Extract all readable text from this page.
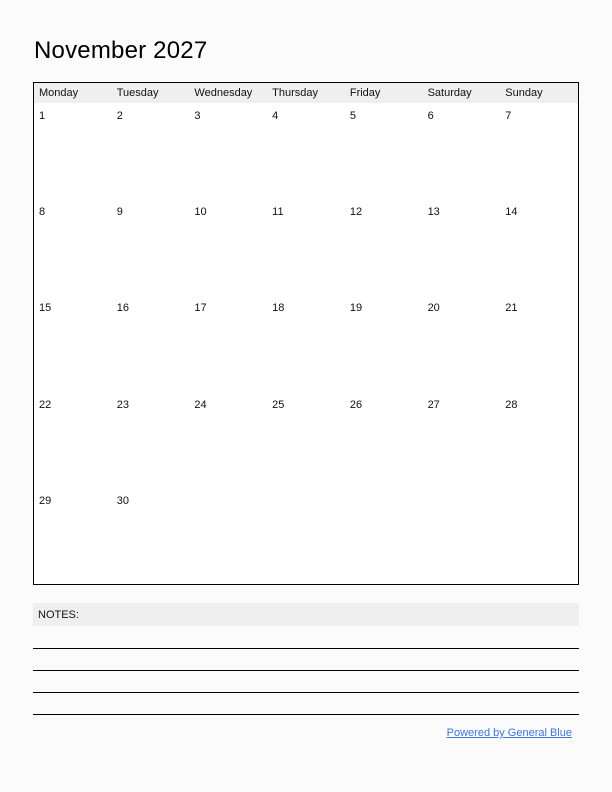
November 2027
Monday	Tuesday	Wednesday	Thursday	Friday	Saturday	Sunday
1	2	3	4	5	6	7
8	9	10	11	12	13	14
15	16	17	18	19	20	21
22	23	24	25	26	27	28
29	30
NOTES:
Powered by General Blue
